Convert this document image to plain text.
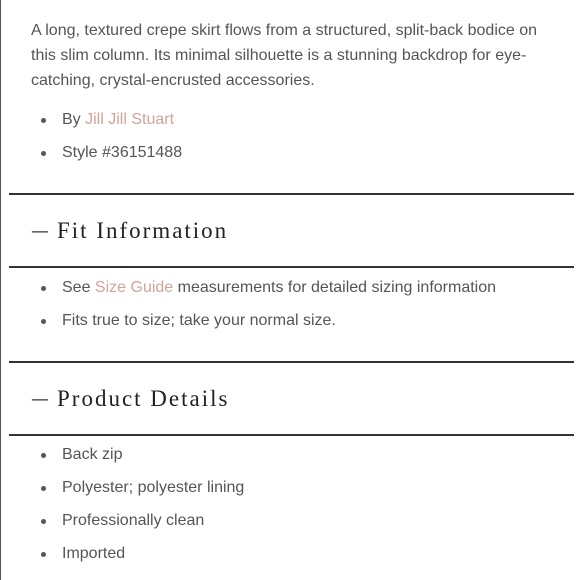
A long, textured crepe skirt flows from a structured, split-back bodice on this slim column. Its minimal silhouette is a stunning backdrop for eye-catching, crystal-encrusted accessories.

By Jill Jill Stuart
Style #36151488
— Fit Information
See Size Guide measurements for detailed sizing information
Fits true to size; take your normal size.
— Product Details
Back zip
Polyester; polyester lining
Professionally clean
Imported
